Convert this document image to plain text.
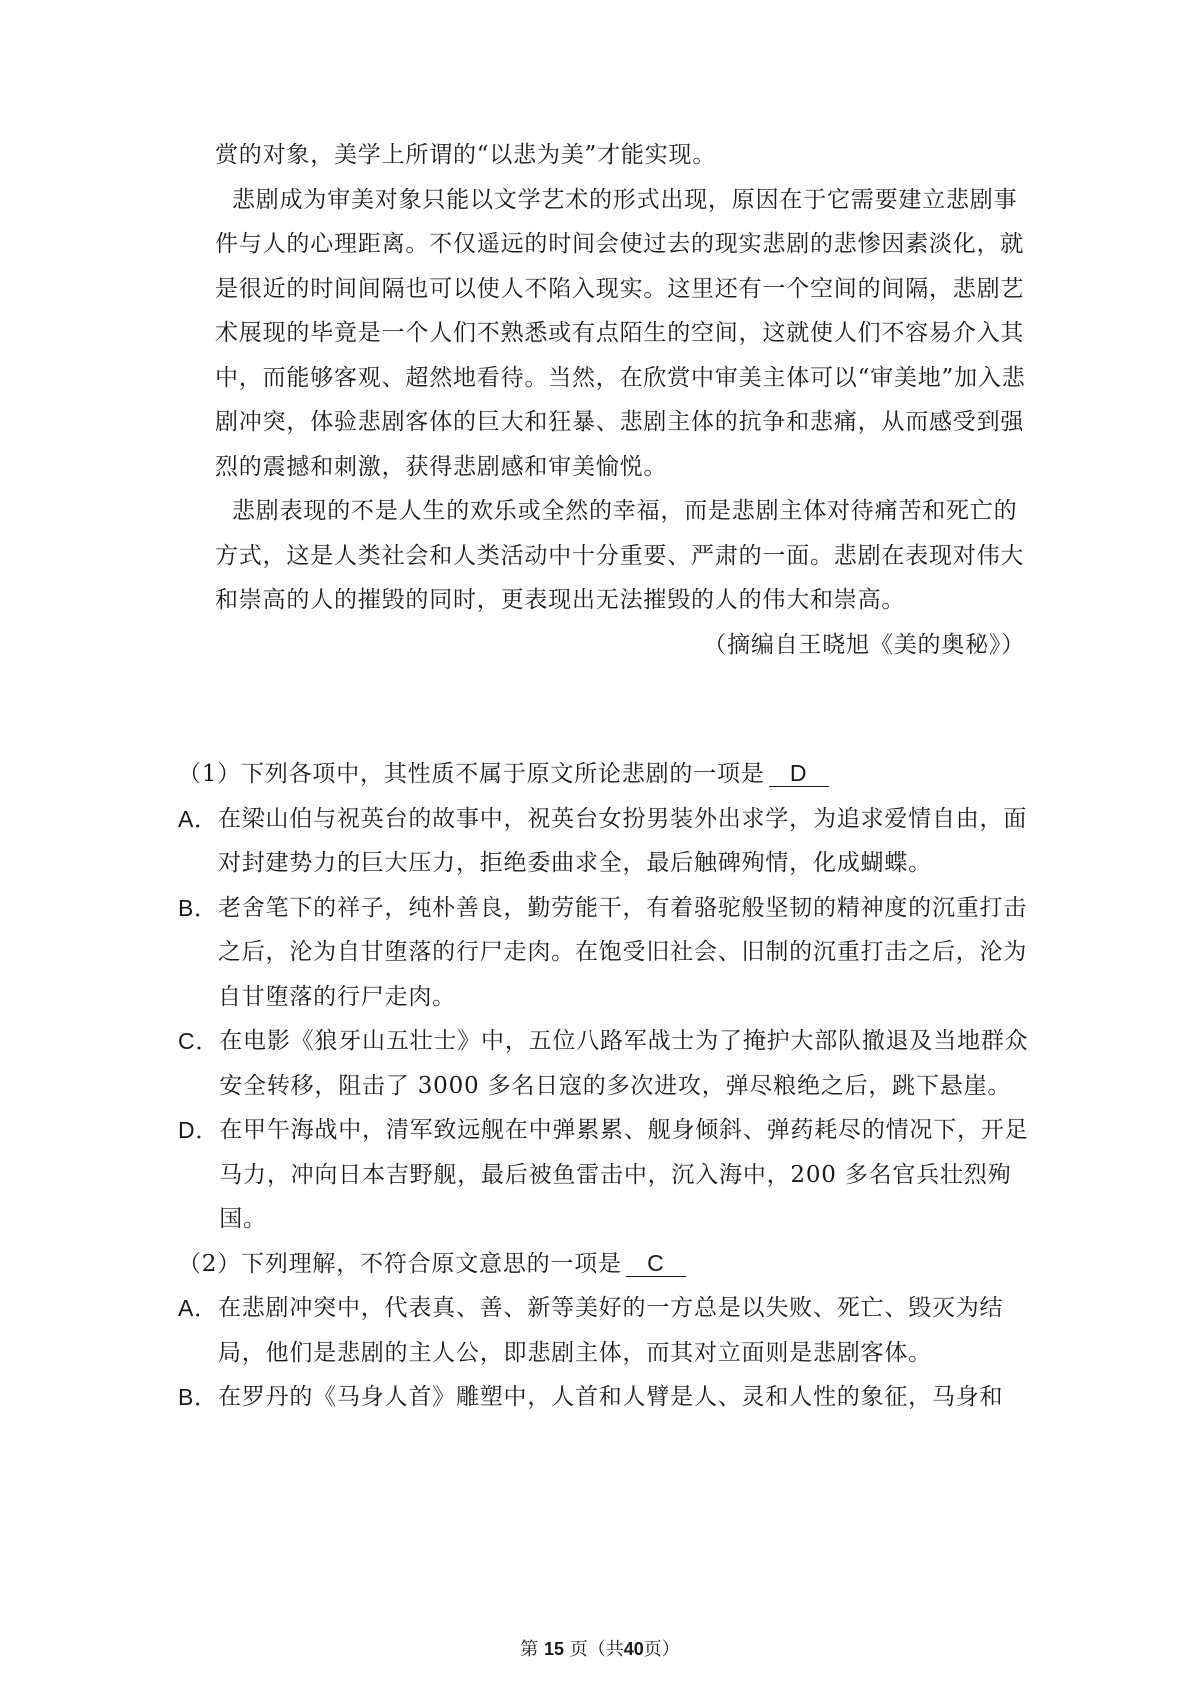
赏的对象，美学上所谓的“以悲为美”才能实现。

悲剧成为审美对象只能以文学艺术的形式出现，原因在于它需要建立悲剧事件与人的心理距离。不仅遥远的时间会使过去的现实悲剧的悲惨因素淡化，就是很近的时间间隔也可以使人不陷入现实。这里还有一个空间的间隔，悲剧艺术展现的毕竟是一个人们不熟悉或有点陌生的空间，这就使人们不容易介入其中，而能够客观、超然地看待。当然，在欣赏中审美主体可以“审美地”加入悲剧冲突，体验悲剧客体的巨大和狂暴、悲剧主体的抗争和悲痛，从而感受到强烈的震撼和刺激，获得悲剧感和审美愉悦。

悲剧表现的不是人生的欢乐或全然的幸福，而是悲剧主体对待痛苦和死亡的方式，这是人类社会和人类活动中十分重要、严肃的一面。悲剧在表现对伟大和崇高的人的摧毁的同时，更表现出无法摧毁的人的伟大和崇高。

（摘编自王晓旭《美的奥秘》）

（1）下列各项中，其性质不属于原文所论悲剧的一项是 D

A． 在梁山伯与祝英台的故事中，祝英台女扮男装外出求学，为追求爱情自由，面对封建势力的巨大压力，拒绝委曲求全，最后触碑殉情，化成蝴蝶。
B． 老舍笔下的祥子，纯朴善良，勤劳能干，有着骆驼般坚韧的精神度的沉重打击之后，沦为自甘堕落的行尸走肉。在饱受旧社会、旧制的沉重打击之后，沦为自甘堕落的行尸走肉。
C． 在电影《狼牙山五壮士》中，五位八路军战士为了掩护大部队撤退及当地群众安全转移，阻击了 3000 多名日寇的多次进攻，弹尽粮绝之后，跳下悬崖。
D． 在甲午海战中，清军致远舰在中弹累累、舰身倾斜、弹药耗尽的情况下，开足马力，冲向日本吉野舰，最后被鱼雷击中，沉入海中，200 多名官兵壮烈殉国。

（2）下列理解，不符合原文意思的一项是 C

A． 在悲剧冲突中，代表真、善、新等美好的一方总是以失败、死亡、毁灭为结局，他们是悲剧的主人公，即悲剧主体，而其对立面则是悲剧客体。
B． 在罗丹的《马身人首》雕塑中，人首和人臂是人、灵和人性的象征，马身和
第 15 页（共40页）
